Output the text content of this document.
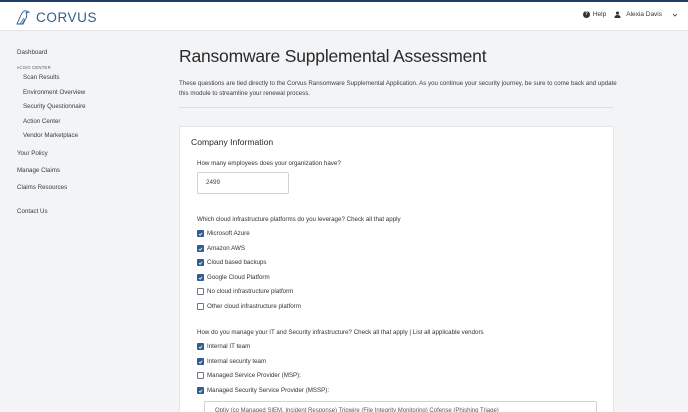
CORVUS	? Help	Alexia Davis
Dashboard
vCISO CENTER
Scan Results
Environment Overview
Security Questionnaire
Action Center
Vendor Marketplace
Your Policy
Manage Claims
Claims Resources
Contact Us
Ransomware Supplemental Assessment

These questions are tied directly to the Corvus Ransomware Supplemental Application. As you continue your security journey, be sure to come back and update this module to streamline your renewal process.

Company Information
How many employees does your organization have?
2499
Which cloud infrastructure platforms do you leverage? Check all that apply
Microsoft Azure
Amazon AWS
Cloud based backups
Google Cloud Platform
No cloud infrastructure platform
Other cloud infrastructure platform
How do you manage your IT and Security infrastructure? Check all that apply | List all applicable vendors
Internal IT team
Internal security team
Managed Service Provider (MSP):
Managed Security Service Provider (MSSP):
Optiv (co Managed SIEM, Incident Response) Tripwire (File Integrity Monitoring) Cofense (Phishing Triage)
